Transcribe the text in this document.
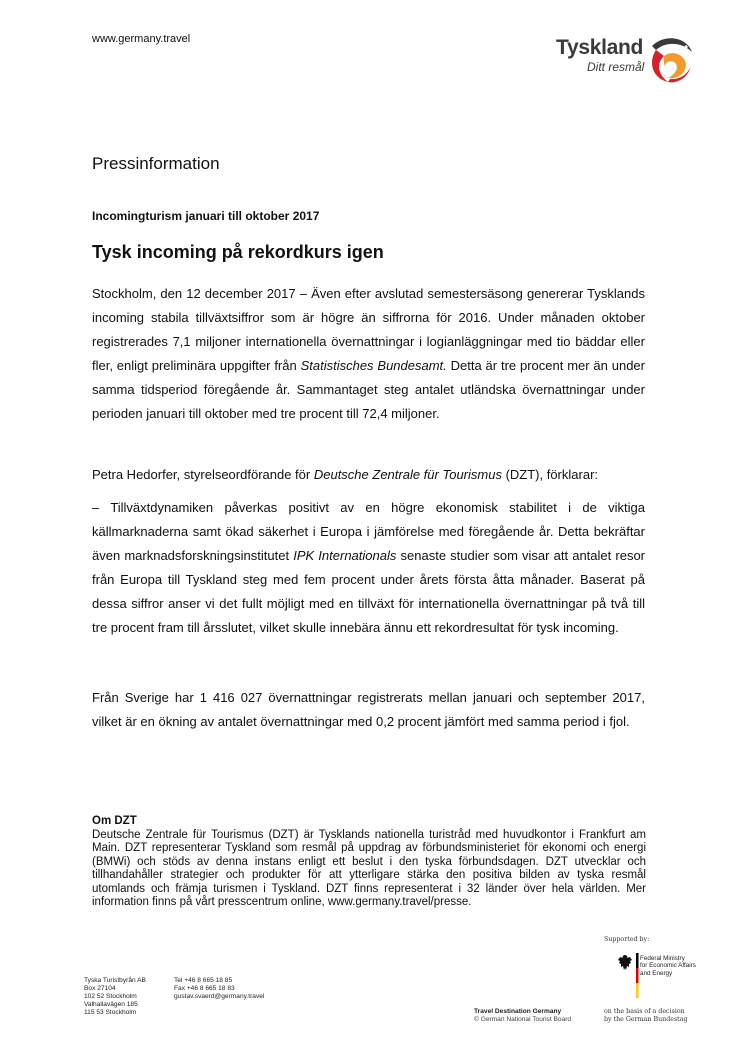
www.germany.travel	Tyskland
Ditt resmål
Pressinformation
Incomingturism januari till oktober 2017
Tysk incoming på rekordkurs igen

Stockholm, den 12 december 2017 – Även efter avslutad semestersäsong genererar Tysklands incoming stabila tillväxtsiffror som är högre än siffrorna för 2016. Under månaden oktober registrerades 7,1 miljoner internationella övernattningar i logianläggningar med tio bäddar eller fler, enligt preliminära uppgifter från Statistisches Bundesamt. Detta är tre procent mer än under samma tidsperiod föregående år. Sammantaget steg antalet utländska övernattningar under perioden januari till oktober med tre procent till 72,4 miljoner.

Petra Hedorfer, styrelseordförande för Deutsche Zentrale für Tourismus (DZT), förklarar:

– Tillväxtdynamiken påverkas positivt av en högre ekonomisk stabilitet i de viktiga källmarknaderna samt ökad säkerhet i Europa i jämförelse med föregående år. Detta bekräftar även marknadsforskningsinstitutet IPK Internationals senaste studier som visar att antalet resor från Europa till Tyskland steg med fem procent under årets första åtta månader. Baserat på dessa siffror anser vi det fullt möjligt med en tillväxt för internationella övernattningar på två till tre procent fram till årsslutet, vilket skulle innebära ännu ett rekordresultat för tysk incoming.

Från Sverige har 1 416 027 övernattningar registrerats mellan januari och september 2017, vilket är en ökning av antalet övernattningar med 0,2 procent jämfört med samma period i fjol.

Om DZT
Deutsche Zentrale für Tourismus (DZT) är Tysklands nationella turistråd med huvudkontor i Frankfurt am Main. DZT representerar Tyskland som resmål på uppdrag av förbundsministeriet för ekonomi och energi (BMWi) och stöds av denna instans enligt ett beslut i den tyska förbundsdagen. DZT utvecklar och tillhandahåller strategier och produkter för att ytterligare stärka den positiva bilden av tyska resmål utomlands och främja turismen i Tyskland. DZT finns representerat i 32 länder över hela världen. Mer information finns på vårt presscentrum online, www.germany.travel/presse.
Supported by:
Federal Ministry
for Economic Affairs
and Energy
Tyska Turistbyrån AB
Box 27104
102 52 Stockholm
Valhallavägen 185
115 53 Stockholm
Tel +46 8 665 18 85
Fax +46 8 665 18 83
gustav.svaerd@germany.travel
Travel Destination Germany
© German National Tourist Board
on the basis of a decision
by the German Bundestag
